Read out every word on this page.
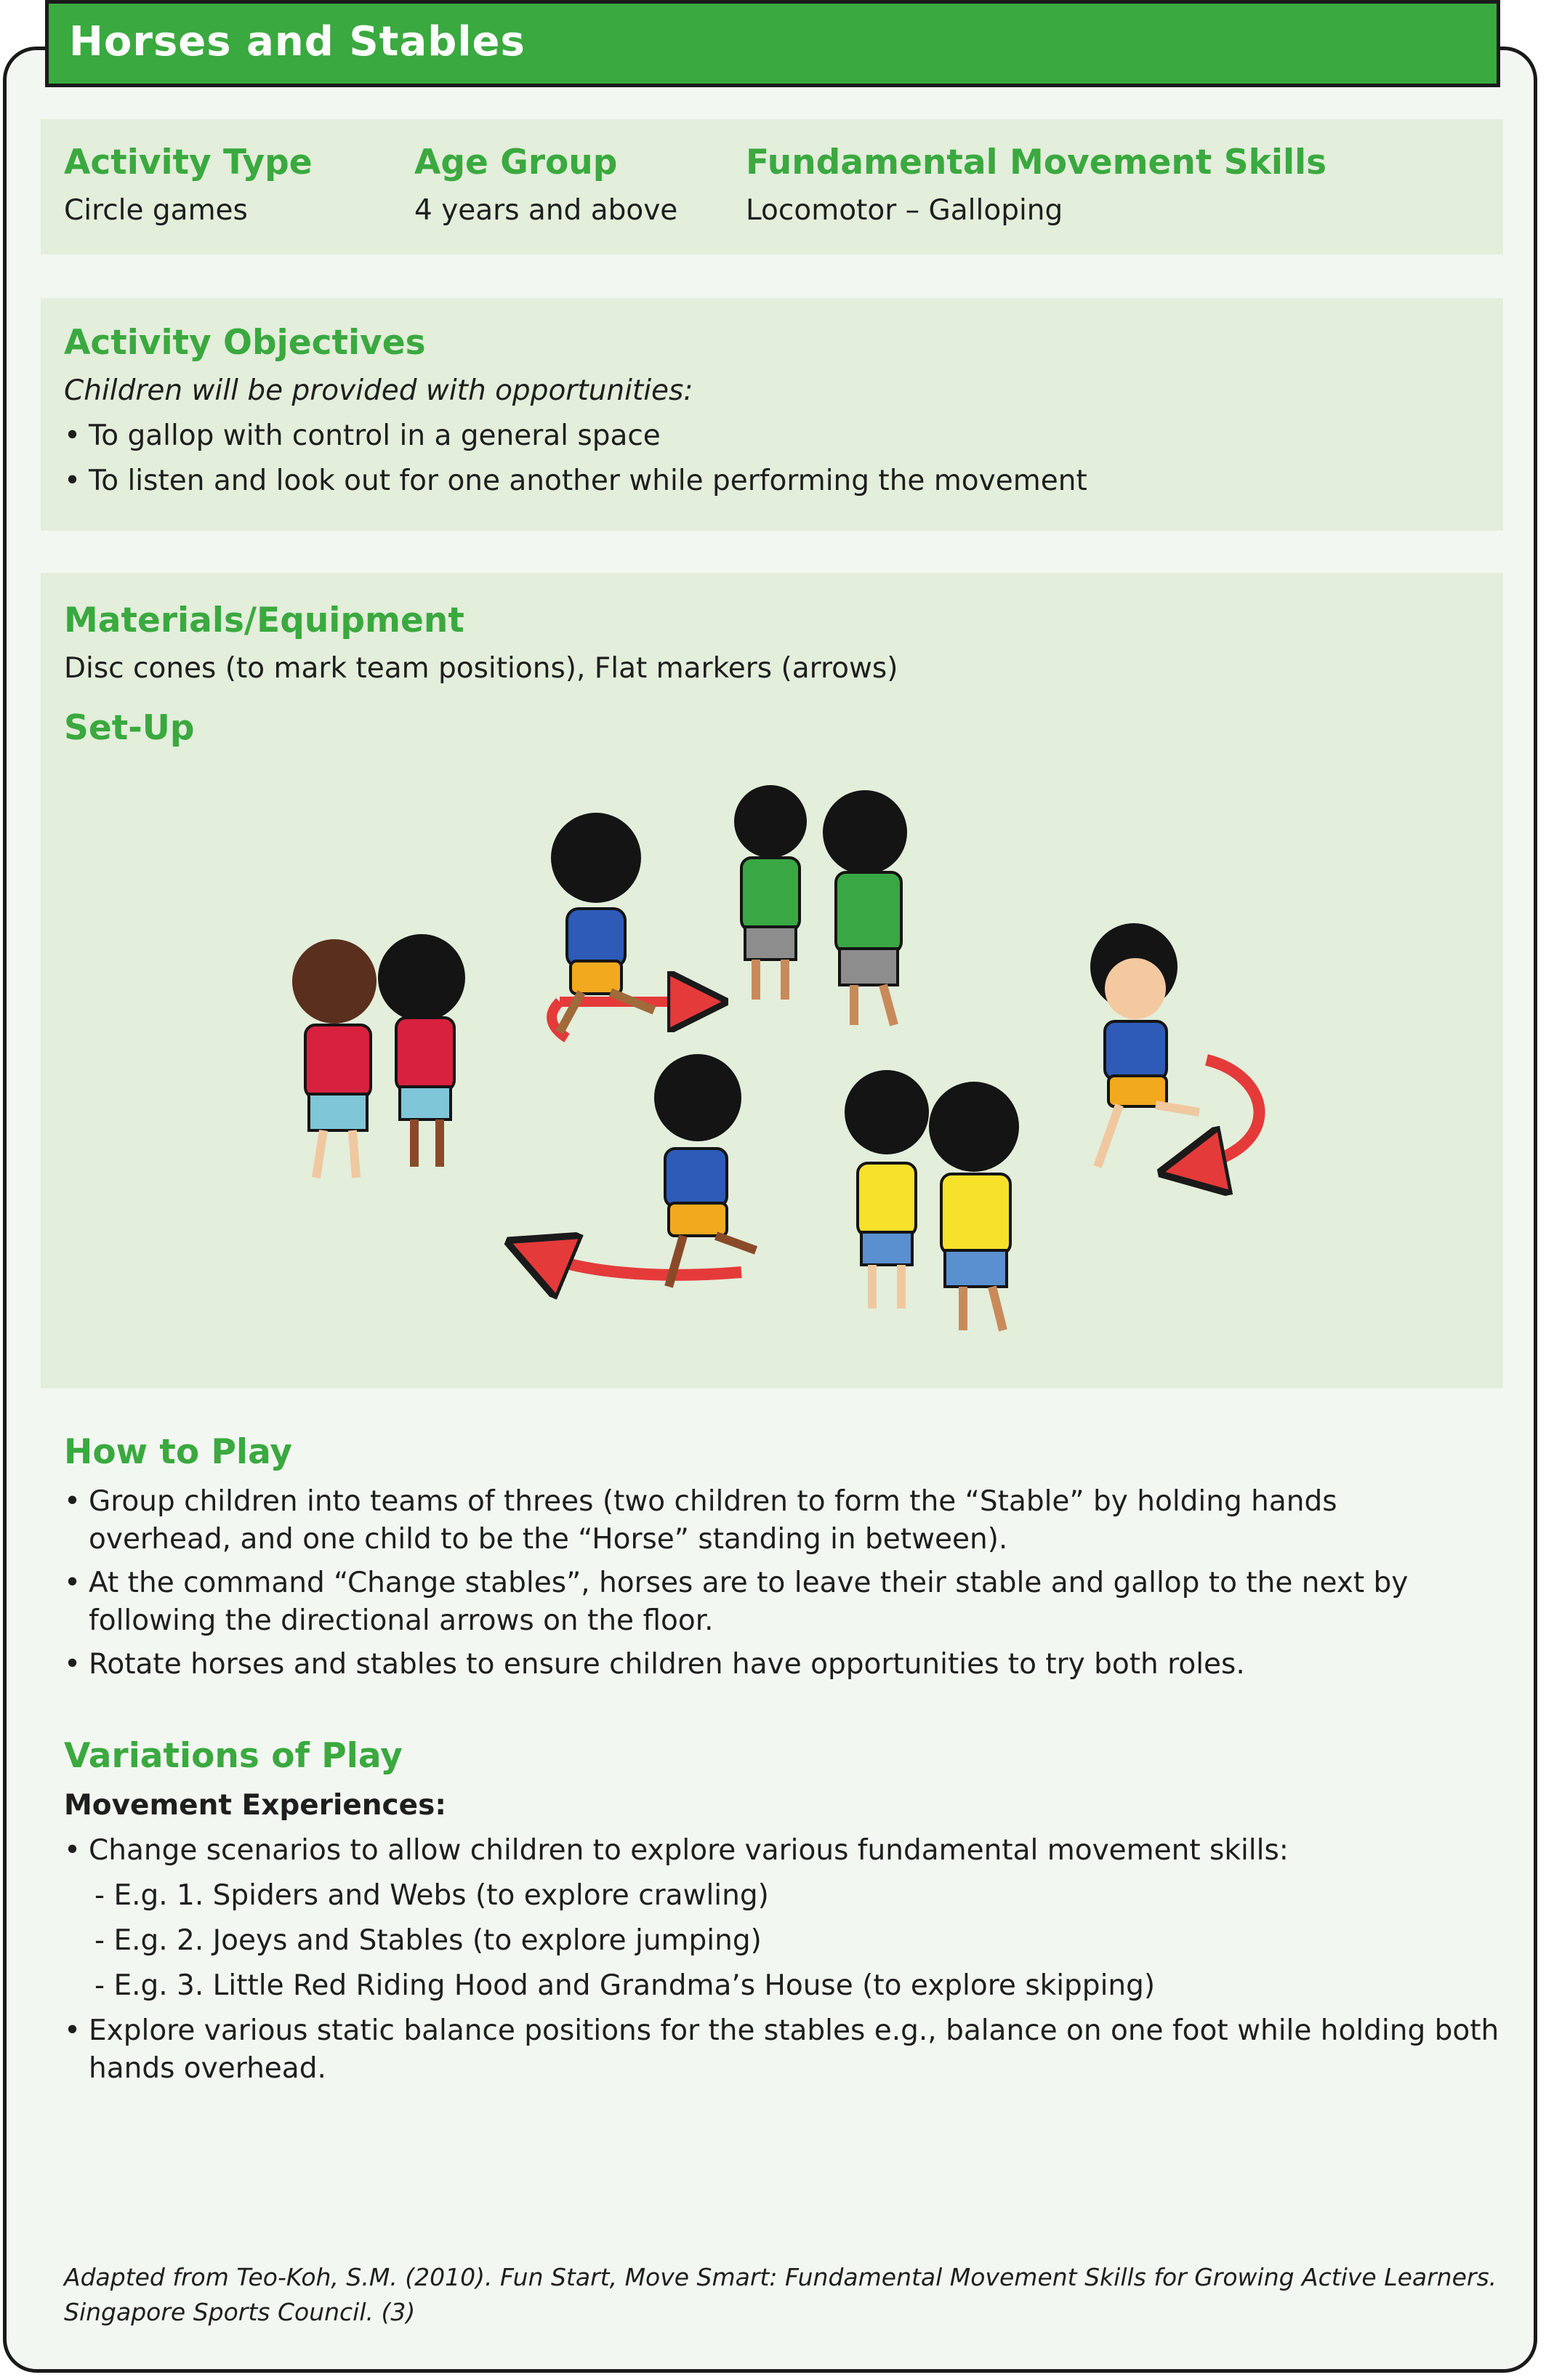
Horses and Stables
Activity Type
Circle games
Age Group
4 years and above
Fundamental Movement Skills
Locomotor – Galloping
Activity Objectives
Children will be provided with opportunities:
• To gallop with control in a general space
• To listen and look out for one another while performing the movement
Materials/Equipment
Disc cones (to mark team positions), Flat markers (arrows)
Set-Up
How to Play
• Group children into teams of threes (two children to form the “Stable” by holding hands
overhead, and one child to be the “Horse” standing in between).
• At the command “Change stables”, horses are to leave their stable and gallop to the next by
following the directional arrows on the floor.
• Rotate horses and stables to ensure children have opportunities to try both roles.
Variations of Play
Movement Experiences:
• Change scenarios to allow children to explore various fundamental movement skills:
- E.g. 1. Spiders and Webs (to explore crawling)
- E.g. 2. Joeys and Stables (to explore jumping)
- E.g. 3. Little Red Riding Hood and Grandma’s House (to explore skipping)
• Explore various static balance positions for the stables e.g., balance on one foot while holding both
hands overhead.
Adapted from Teo-Koh, S.M. (2010). Fun Start, Move Smart: Fundamental Movement Skills for Growing Active Learners.
Singapore Sports Council. (3)
